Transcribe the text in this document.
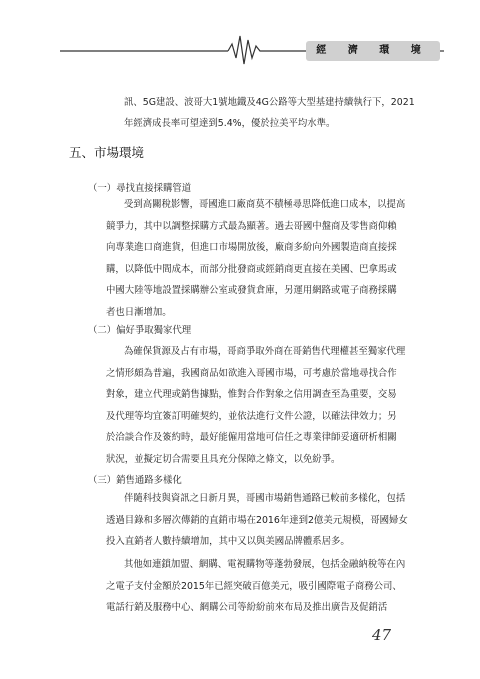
經 濟 環 境
訊、5G建設、波哥大1號地鐵及4G公路等大型基建持續執行下，2021
年經濟成長率可望達到5.4%，優於拉美平均水準。
五、市場環境
（一）尋找直接採購管道
受到高關稅影響，哥國進口廠商莫不積極尋思降低進口成本，以提高
競爭力，其中以調整採購方式最為顯著。過去哥國中盤商及零售商仰賴
向專業進口商進貨，但進口市場開放後，廠商多紛向外國製造商直接採
購，以降低中間成本，而部分批發商或經銷商更直接在美國、巴拿馬或
中國大陸等地設置採購辦公室或發貨倉庫，另運用網路或電子商務採購
者也日漸增加。
（二）偏好爭取獨家代理
為確保貨源及占有市場，哥商爭取外商在哥銷售代理權甚至獨家代理
之情形頗為普遍，我國商品如欲進入哥國市場，可考慮於當地尋找合作
對象，建立代理或銷售據點，惟對合作對象之信用調查至為重要，交易
及代理等均宜簽訂明確契約，並依法進行文件公證，以確法律效力；另
於洽談合作及簽約時，最好能僱用當地可信任之專業律師妥適研析相關
狀況，並擬定切合需要且具充分保障之條文，以免紛爭。
（三）銷售通路多樣化
伴隨科技與資訊之日新月異，哥國市場銷售通路已較前多樣化，包括
透過目錄和多層次傳銷的直銷市場在2016年達到2億美元規模，哥國婦女
投入直銷者人數持續增加，其中又以與美國品牌體系居多。
其他如連鎖加盟、網購、電視購物等蓬勃發展，包括金融納稅等在內
之電子支付金額於2015年已經突破百億美元，吸引國際電子商務公司、
電話行銷及服務中心、網購公司等紛紛前來布局及推出廣告及促銷活
47
